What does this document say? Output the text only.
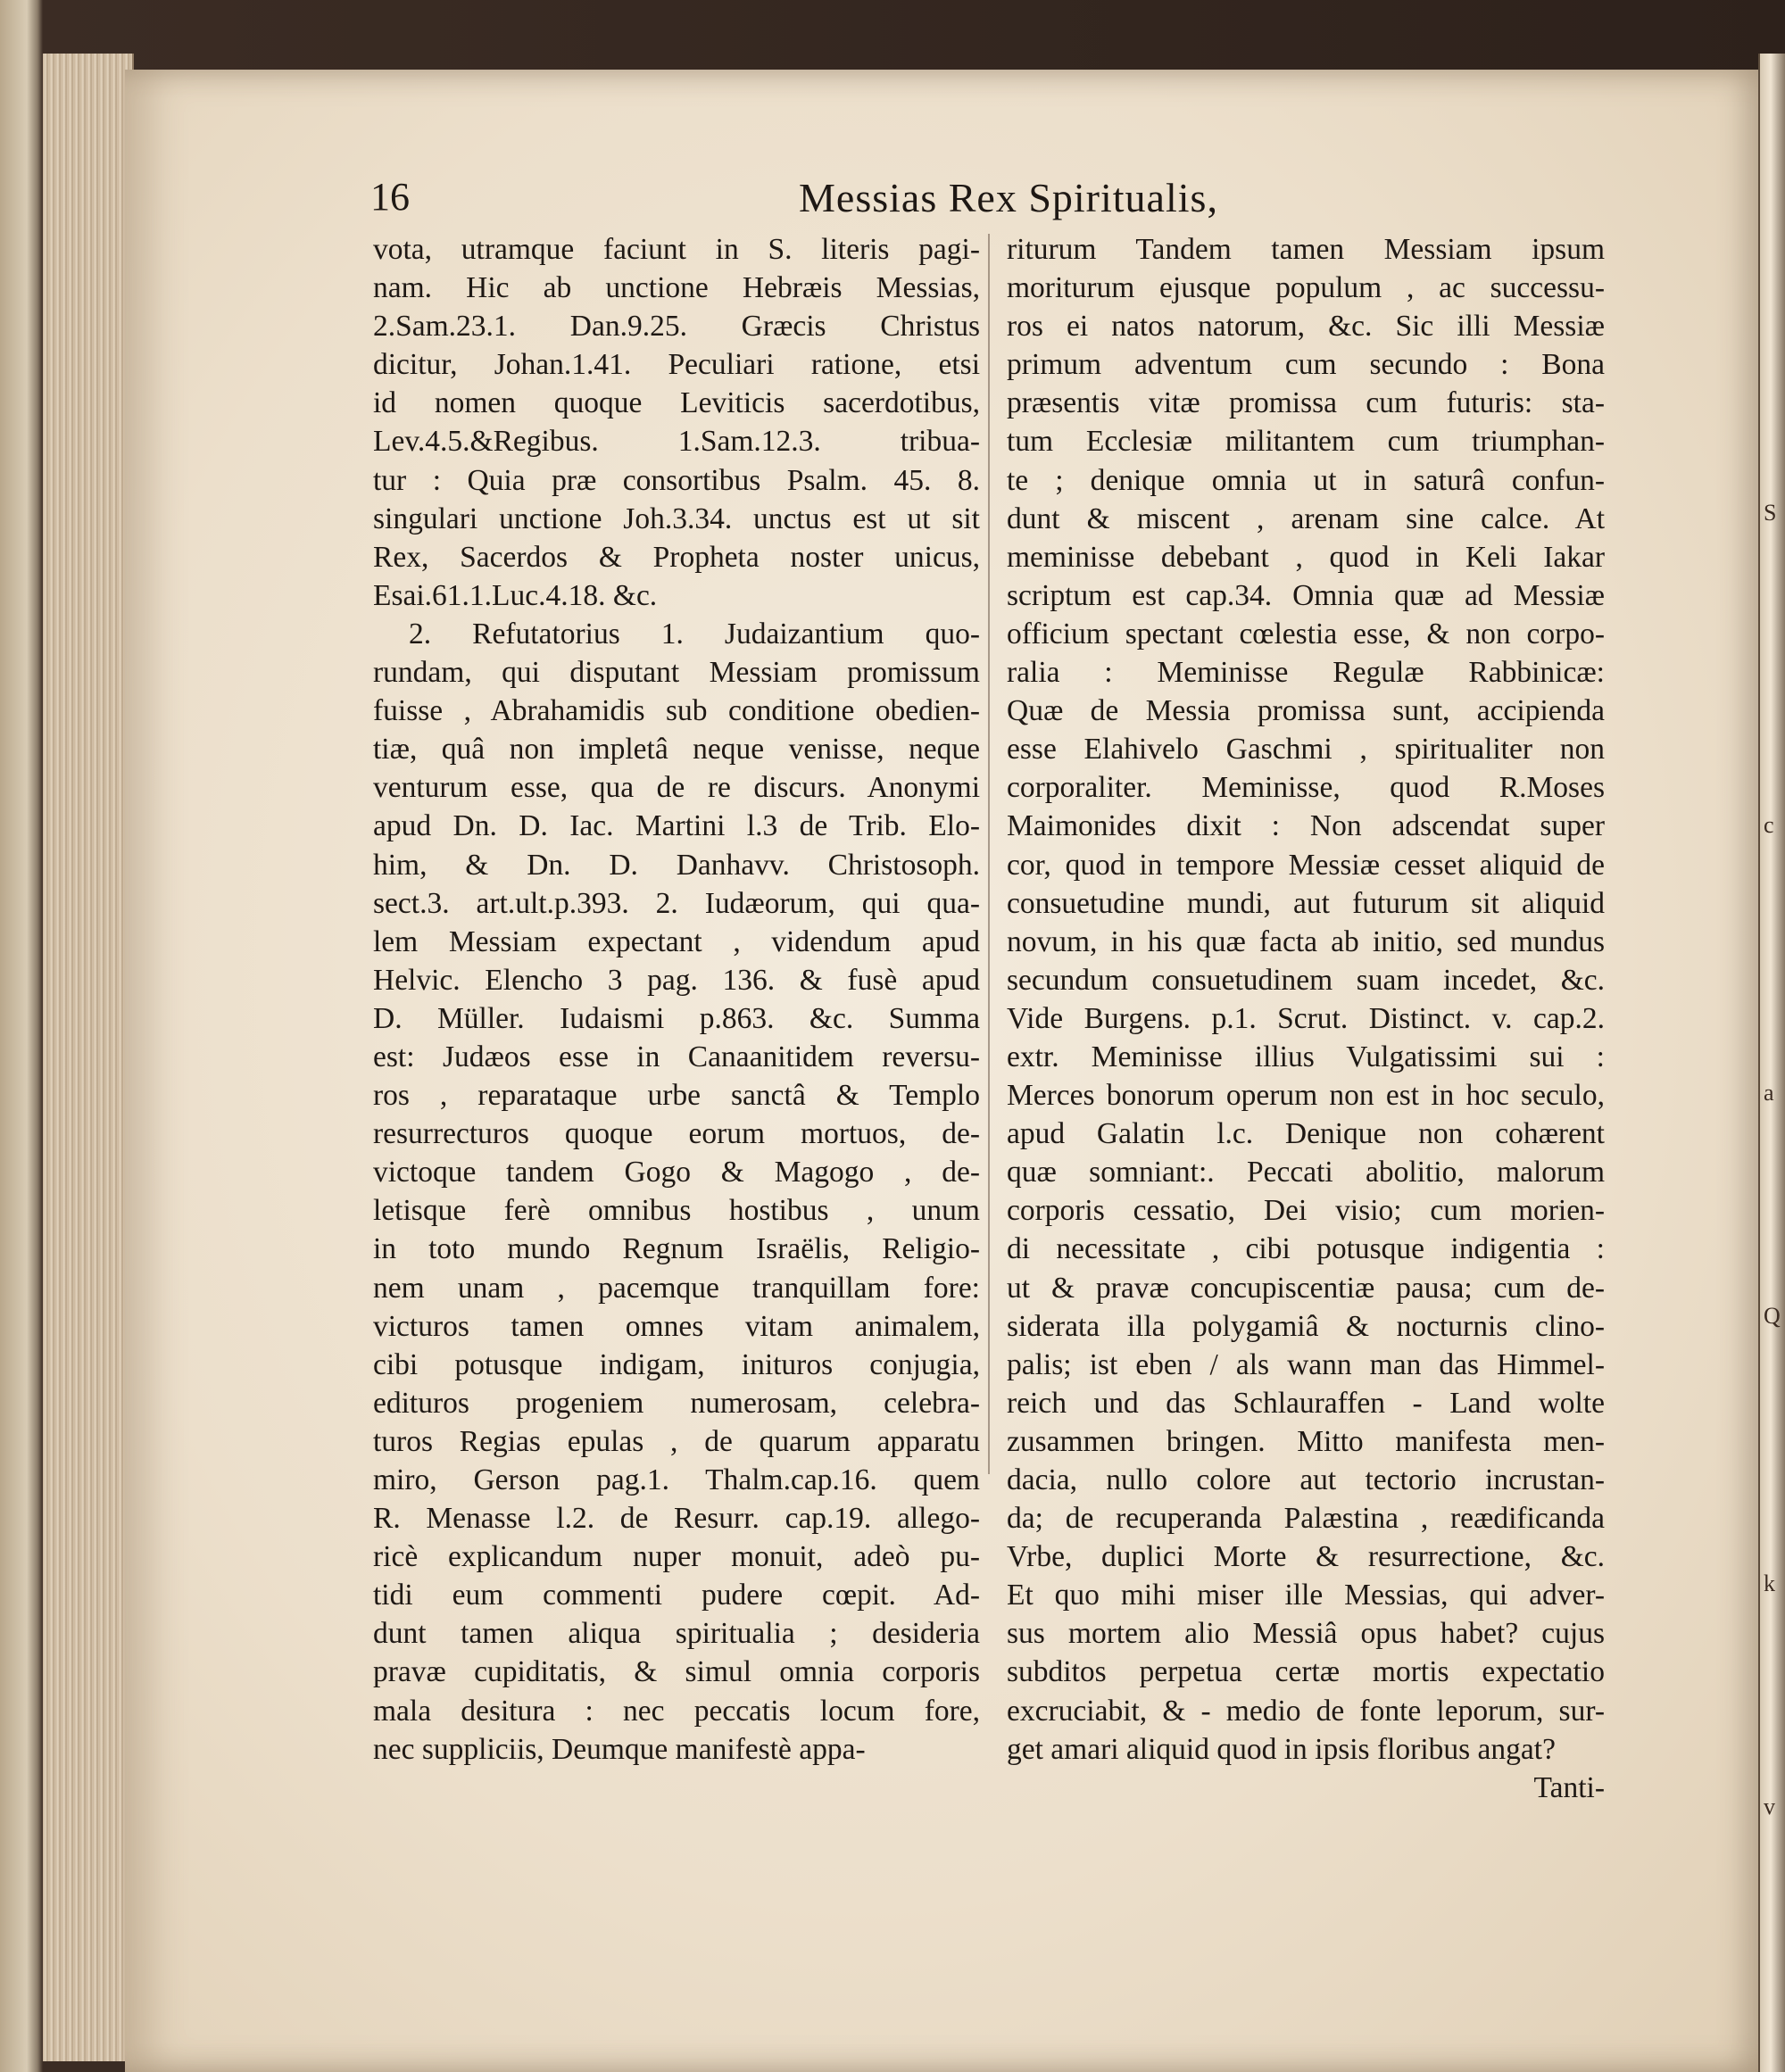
S
c
a
Q
k
v
16	Messias Rex Spiritualis,
vota, utramque faciunt in S. literis pagi-
nam. Hic ab unctione Hebræis Messias,
2.Sam.23.1. Dan.9.25. Græcis Christus
dicitur, Johan.1.41. Peculiari ratione, etsi
id nomen quoque Leviticis sacerdotibus,
Lev.4.5.&Regibus. 1.Sam.12.3. tribua-
tur : Quia præ consortibus Psalm. 45. 8.
singulari unctione Joh.3.34. unctus est ut sit
Rex, Sacerdos & Propheta noster unicus,
Esai.61.1.Luc.4.18. &c.
2. Refutatorius 1. Judaizantium quo-
rundam, qui disputant Messiam promissum
fuisse , Abrahamidis sub conditione obedien-
tiæ, quâ non impletâ neque venisse, neque
venturum esse, qua de re discurs. Anonymi
apud Dn. D. Iac. Martini l.3 de Trib. Elo-
him, & Dn. D. Danhavv. Christosoph.
sect.3. art.ult.p.393. 2. Iudæorum, qui qua-
lem Messiam expectant , videndum apud
Helvic. Elencho 3 pag. 136. & fusè apud
D. Müller. Iudaismi p.863. &c. Summa
est: Judæos esse in Canaanitidem reversu-
ros , reparataque urbe sanctâ & Templo
resurrecturos quoque eorum mortuos, de-
victoque tandem Gogo & Magogo , de-
letisque ferè omnibus hostibus , unum
in toto mundo Regnum Israëlis, Religio-
nem unam , pacemque tranquillam fore:
victuros tamen omnes vitam animalem,
cibi potusque indigam, inituros conjugia,
edituros progeniem numerosam, celebra-
turos Regias epulas , de quarum apparatu
miro, Gerson pag.1. Thalm.cap.16. quem
R. Menasse l.2. de Resurr. cap.19. allego-
ricè explicandum nuper monuit, adeò pu-
tidi eum commenti pudere cœpit. Ad-
dunt tamen aliqua spiritualia ; desideria
pravæ cupiditatis, & simul omnia corporis
mala desitura : nec peccatis locum fore,
nec suppliciis, Deumque manifestè appa-
riturum Tandem tamen Messiam ipsum
moriturum ejusque populum , ac successu-
ros ei natos natorum, &c. Sic illi Messiæ
primum adventum cum secundo : Bona
præsentis vitæ promissa cum futuris: sta-
tum Ecclesiæ militantem cum triumphan-
te ; denique omnia ut in saturâ confun-
dunt & miscent , arenam sine calce. At
meminisse debebant , quod in Keli Iakar
scriptum est cap.34. Omnia quæ ad Messiæ
officium spectant cœlestia esse, & non corpo-
ralia : Meminisse Regulæ Rabbinicæ:
Quæ de Messia promissa sunt, accipienda
esse Elahivelo Gaschmi , spiritualiter non
corporaliter. Meminisse, quod R.Moses
Maimonides dixit : Non adscendat super
cor, quod in tempore Messiæ cesset aliquid de
consuetudine mundi, aut futurum sit aliquid
novum, in his quæ facta ab initio, sed mundus
secundum consuetudinem suam incedet, &c.
Vide Burgens. p.1. Scrut. Distinct. v. cap.2.
extr. Meminisse illius Vulgatissimi sui :
Merces bonorum operum non est in hoc seculo,
apud Galatin l.c. Denique non cohærent
quæ somniant:. Peccati abolitio, malorum
corporis cessatio, Dei visio; cum morien-
di necessitate , cibi potusque indigentia :
ut & pravæ concupiscentiæ pausa; cum de-
siderata illa polygamiâ & nocturnis clino-
palis; ist eben / als wann man das Himmel-
reich und das Schlauraffen - Land wolte
zusammen bringen. Mitto manifesta men-
dacia, nullo colore aut tectorio incrustan-
da; de recuperanda Palæstina , reædificanda
Vrbe, duplici Morte & resurrectione, &c.
Et quo mihi miser ille Messias, qui adver-
sus mortem alio Messiâ opus habet? cujus
subditos perpetua certæ mortis expectatio
excruciabit, & - medio de fonte leporum, sur-
get amari aliquid quod in ipsis floribus angat?
Tanti-
